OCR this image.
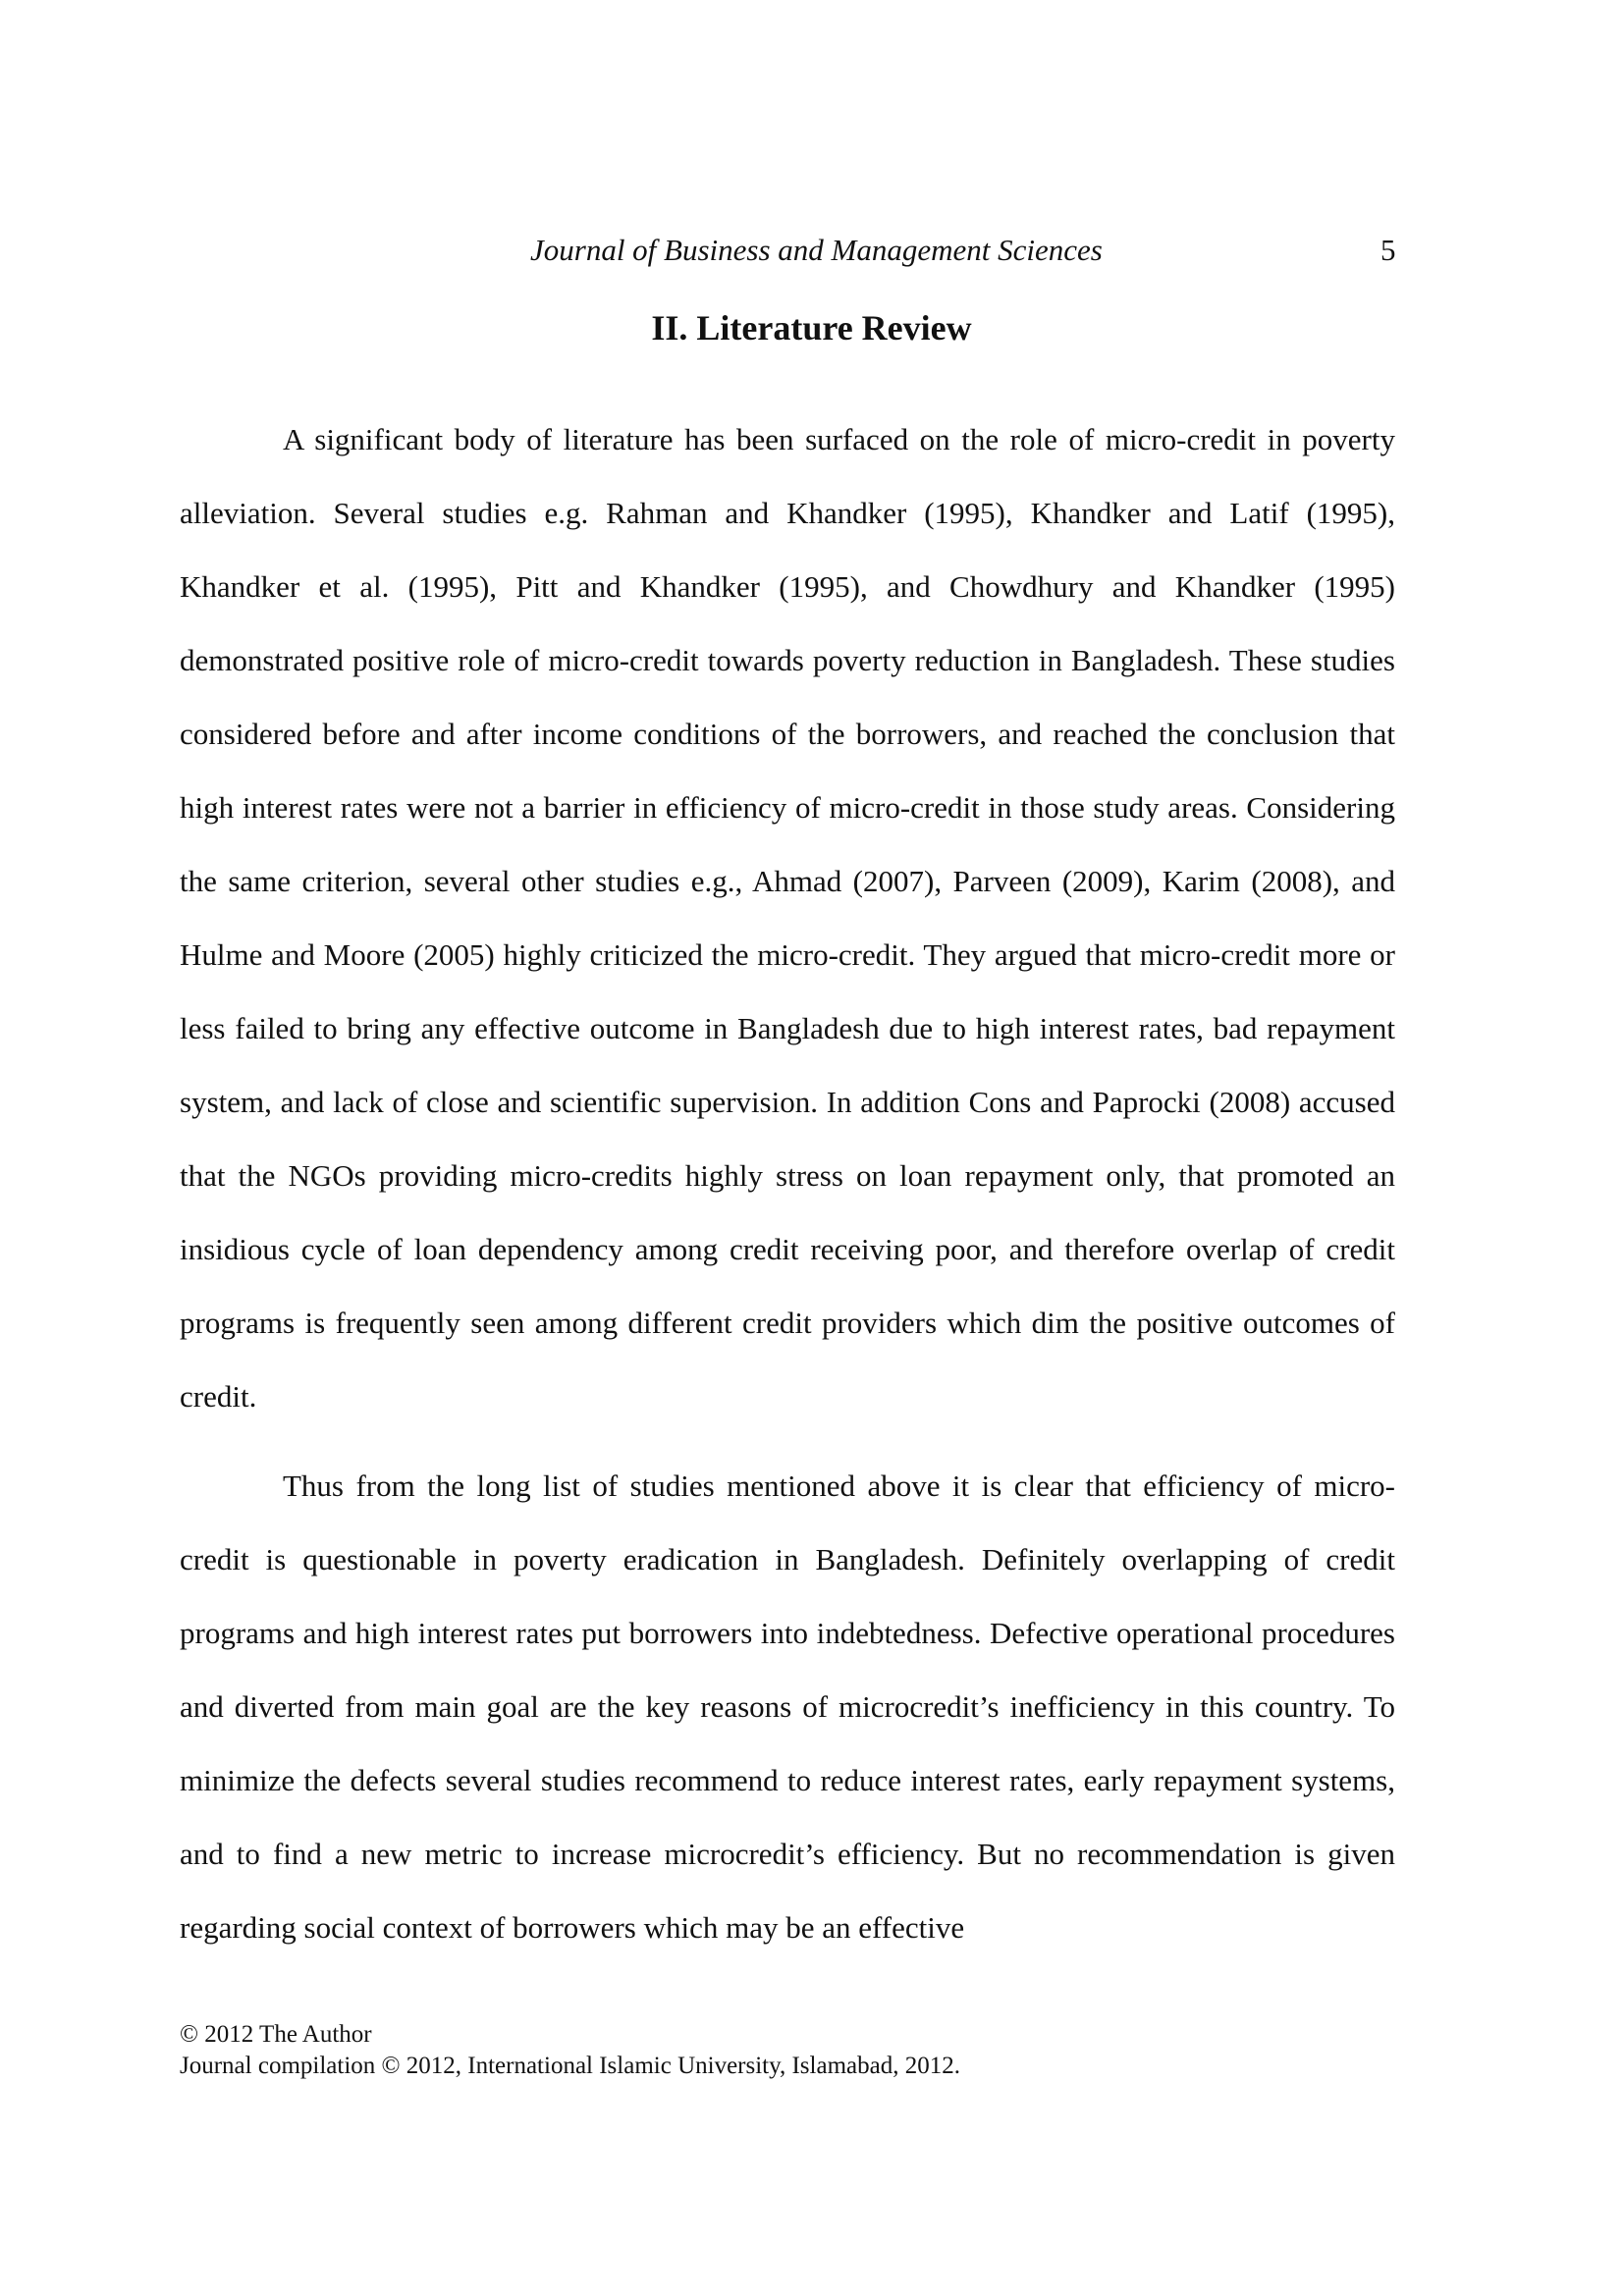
Journal of Business and Management Sciences	5
II. Literature Review

A significant body of literature has been surfaced on the role of micro-credit in poverty alleviation. Several studies e.g. Rahman and Khandker (1995), Khandker and Latif (1995), Khandker et al. (1995), Pitt and Khandker (1995), and Chowdhury and Khandker (1995) demonstrated positive role of micro-credit towards poverty reduction in Bangladesh. These studies considered before and after income conditions of the borrowers, and reached the conclusion that high interest rates were not a barrier in efficiency of micro-credit in those study areas. Considering the same criterion, several other studies e.g., Ahmad (2007), Parveen (2009), Karim (2008), and Hulme and Moore (2005) highly criticized the micro-credit. They argued that micro-credit more or less failed to bring any effective outcome in Bangladesh due to high interest rates, bad repayment system, and lack of close and scientific supervision. In addition Cons and Paprocki (2008) accused that the NGOs providing micro-credits highly stress on loan repayment only, that promoted an insidious cycle of loan dependency among credit receiving poor, and therefore overlap of credit programs is frequently seen among different credit providers which dim the positive outcomes of credit.

Thus from the long list of studies mentioned above it is clear that efficiency of micro-credit is questionable in poverty eradication in Bangladesh. Definitely overlapping of credit programs and high interest rates put borrowers into indebtedness. Defective operational procedures and diverted from main goal are the key reasons of microcredit’s inefficiency in this country. To minimize the defects several studies recommend to reduce interest rates, early repayment systems, and to find a new metric to increase microcredit’s efficiency. But no recommendation is given regarding social context of borrowers which may be an effective

© 2012 The Author
Journal compilation © 2012, International Islamic University, Islamabad, 2012.
